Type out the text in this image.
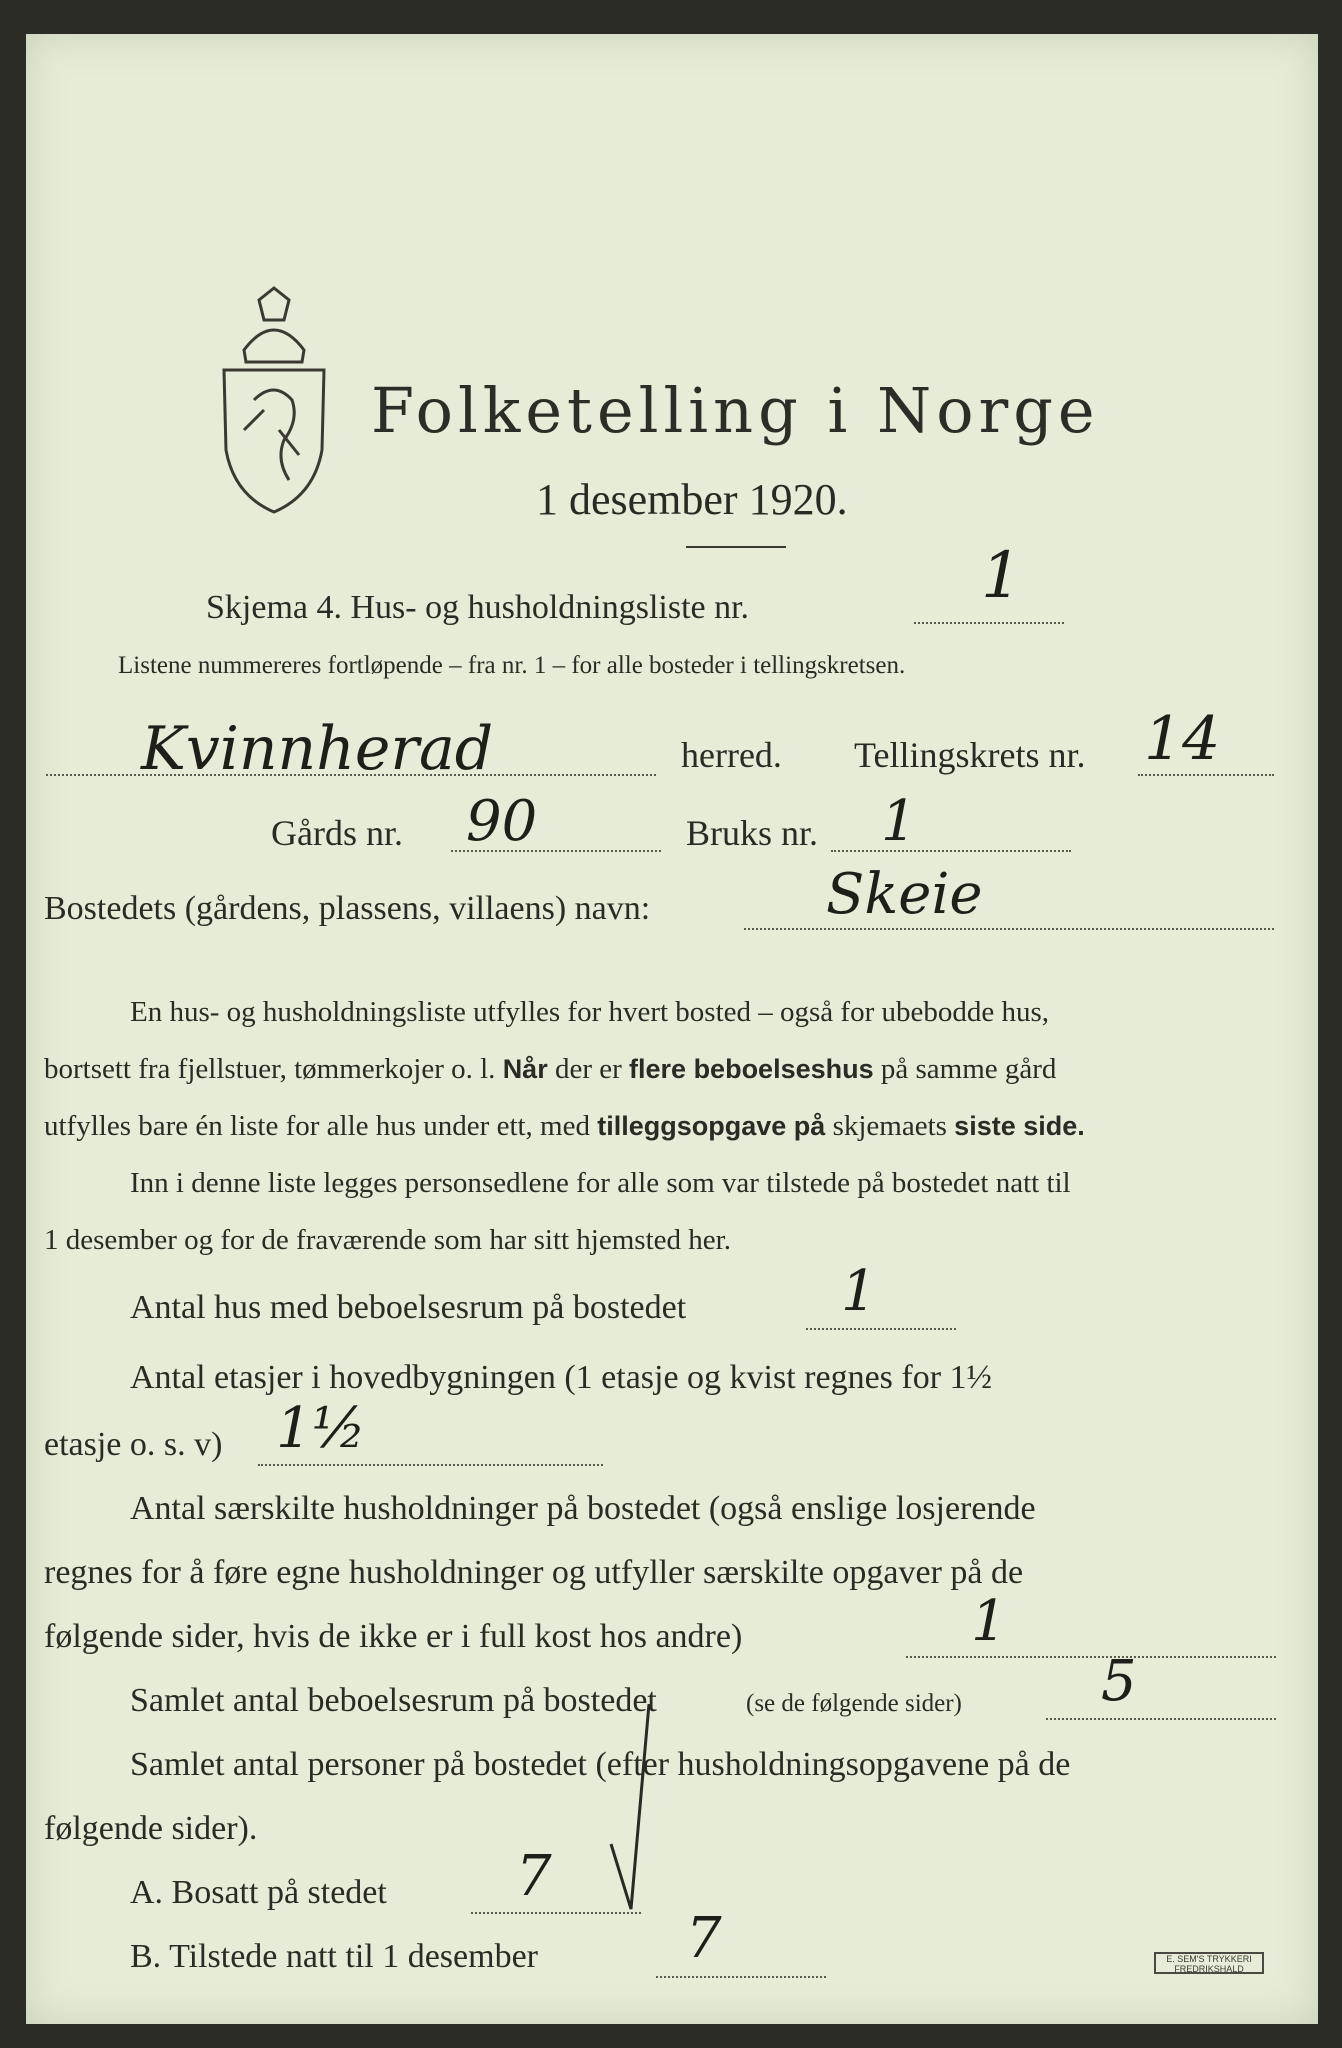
Folketelling i Norge
1 desember 1920.
Skjema 4. Hus- og husholdningsliste nr.	1
Listene nummereres fortløpende – fra nr. 1 – for alle bosteder i tellingskretsen.
Kvinnherad	herred. Tellingskrets nr. 14
Gårds nr. 90	Bruks nr. 1
Bostedets (gårdens, plassens, villaens) navn:	Skeie
En hus- og husholdningsliste utfylles for hvert bosted – også for ubebodde hus,
bortsett fra fjellstuer, tømmerkojer o. l. Når der er flere beboelseshus på samme gård
utfylles bare én liste for alle hus under ett, med tilleggsopgave på skjemaets siste side.
Inn i denne liste legges personsedlene for alle som var tilstede på bostedet natt til
1 desember og for de fraværende som har sitt hjemsted her.
Antal hus med beboelsesrum på bostedet	1
Antal etasjer i hovedbygningen (1 etasje og kvist regnes for 1½
etasje o. s. v) 1½
Antal særskilte husholdninger på bostedet (også enslige losjerende
regnes for å føre egne husholdninger og utfyller særskilte opgaver på de
følgende sider, hvis de ikke er i full kost hos andre)	1
Samlet antal beboelsesrum på bostedet	(se de følgende sider) 5
Samlet antal personer på bostedet (efter husholdningsopgavene på de
følgende sider).
A. Bosatt på stedet 7
B. Tilstede natt til 1 desember	7	E. SEM'S TRYKKERI
FREDRIKSHALD
